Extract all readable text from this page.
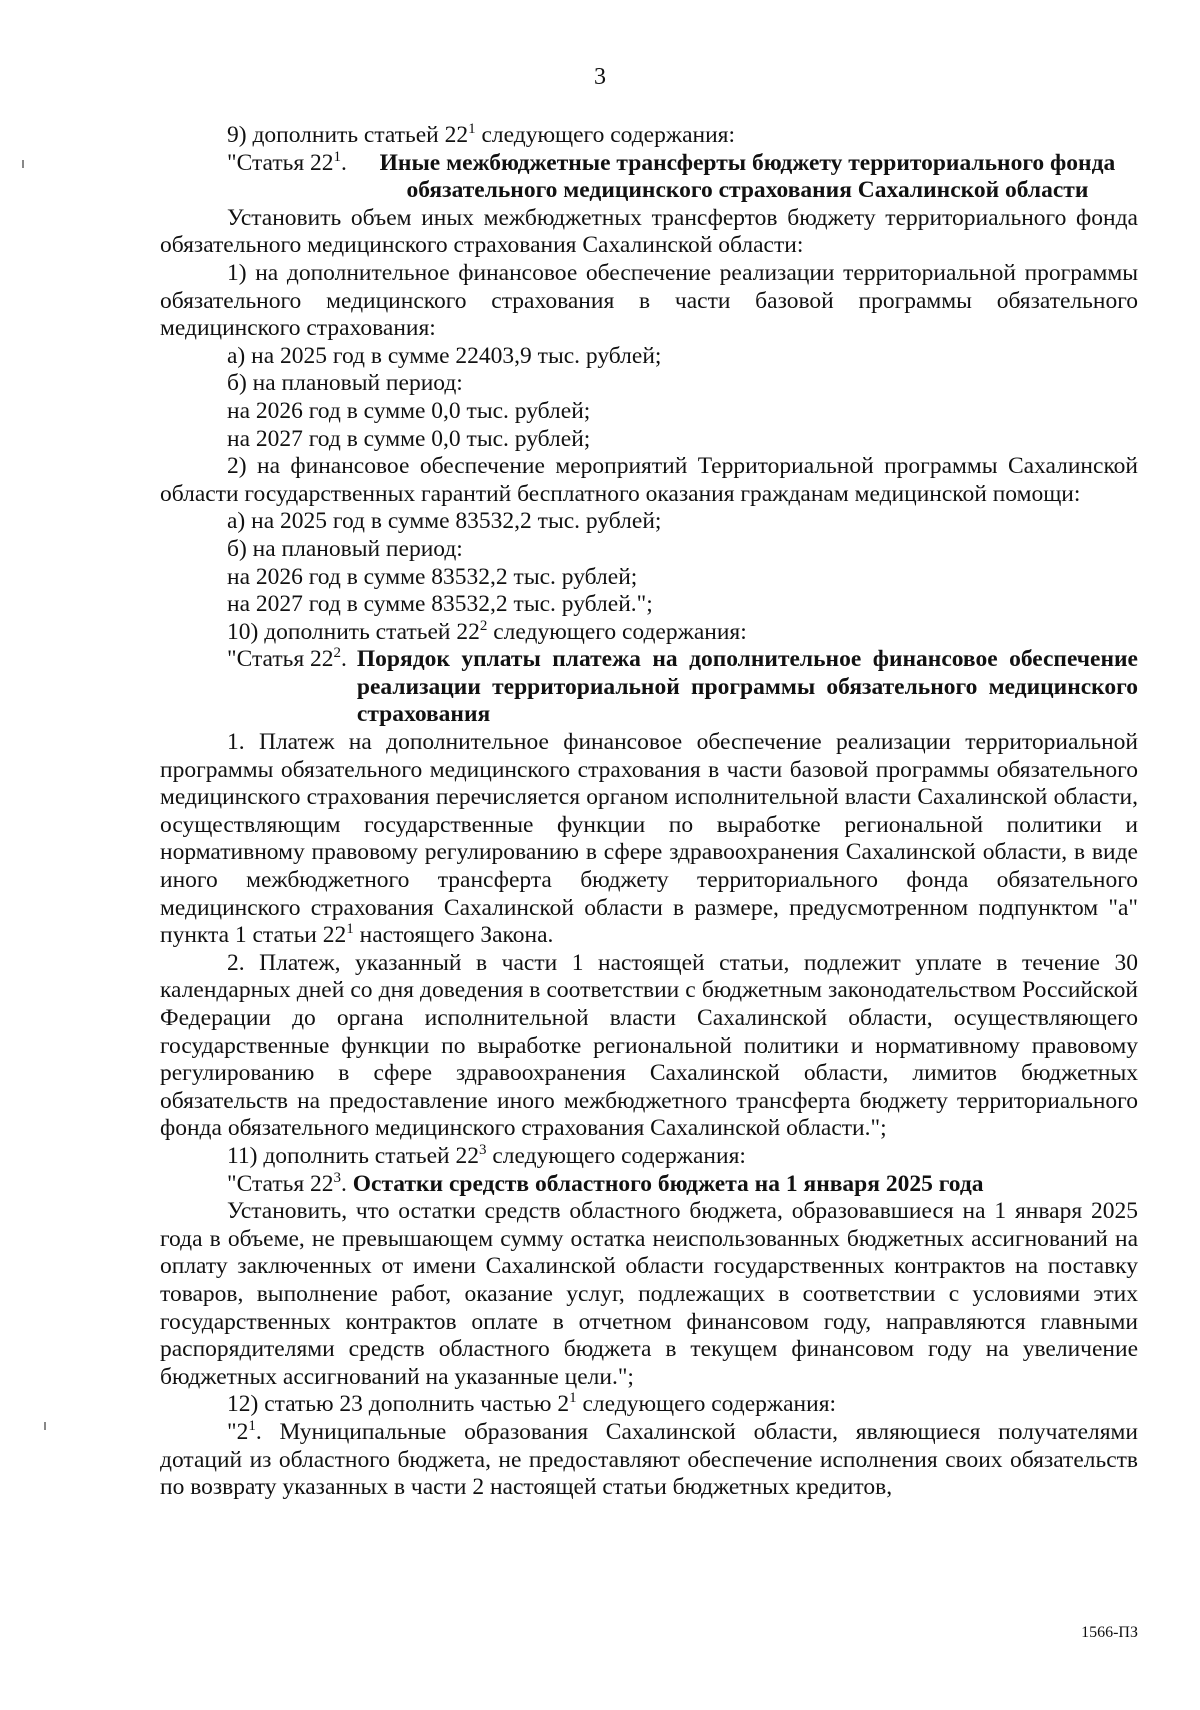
3
9) дополнить статьей $22^1$ следующего содержания:
"Статья $22^1$.	Иные межбюджетные трансферты бюджету территориального фонда обязательного медицинского страхования Сахалинской области
Установить объем иных межбюджетных трансфертов бюджету территориального фонда обязательного медицинского страхования Сахалинской области:
1) на дополнительное финансовое обеспечение реализации территориальной программы обязательного медицинского страхования в части базовой программы обязательного медицинского страхования:
а) на 2025 год в сумме 22403,9 тыс. рублей;
б) на плановый период:
на 2026 год в сумме 0,0 тыс. рублей;
на 2027 год в сумме 0,0 тыс. рублей;
2) на финансовое обеспечение мероприятий Территориальной программы Сахалинской области государственных гарантий бесплатного оказания гражданам медицинской помощи:
а) на 2025 год в сумме 83532,2 тыс. рублей;
б) на плановый период:
на 2026 год в сумме 83532,2 тыс. рублей;
на 2027 год в сумме 83532,2 тыс. рублей.";
10) дополнить статьей $22^2$ следующего содержания:
"Статья $22^2$. Порядок уплаты платежа на дополнительное финансовое обеспечение реализации территориальной программы обязательного медицинского страхования
1. Платеж на дополнительное финансовое обеспечение реализации территориальной программы обязательного медицинского страхования в части базовой программы обязательного медицинского страхования перечисляется органом исполнительной власти Сахалинской области, осуществляющим государственные функции по выработке региональной политики и нормативному правовому регулированию в сфере здравоохранения Сахалинской области, в виде иного межбюджетного трансферта бюджету территориального фонда обязательного медицинского страхования Сахалинской области в размере, предусмотренном подпунктом "а" пункта 1 статьи $22^1$ настоящего Закона.
2. Платеж, указанный в части 1 настоящей статьи, подлежит уплате в течение 30 календарных дней со дня доведения в соответствии с бюджетным законодательством Российской Федерации до органа исполнительной власти Сахалинской области, осуществляющего государственные функции по выработке региональной политики и нормативному правовому регулированию в сфере здравоохранения Сахалинской области, лимитов бюджетных обязательств на предоставление иного межбюджетного трансферта бюджету территориального фонда обязательного медицинского страхования Сахалинской области.";
11) дополнить статьей $22^3$ следующего содержания:
"Статья $22^3$. Остатки средств областного бюджета на 1 января 2025 года
Установить, что остатки средств областного бюджета, образовавшиеся на 1 января 2025 года в объеме, не превышающем сумму остатка неиспользованных бюджетных ассигнований на оплату заключенных от имени Сахалинской области государственных контрактов на поставку товаров, выполнение работ, оказание услуг, подлежащих в соответствии с условиями этих государственных контрактов оплате в отчетном финансовом году, направляются главными распорядителями средств областного бюджета в текущем финансовом году на увеличение бюджетных ассигнований на указанные цели.";
12) статью 23 дополнить частью $2^1$ следующего содержания:
"$2^1$. Муниципальные образования Сахалинской области, являющиеся получателями дотаций из областного бюджета, не предоставляют обеспечение исполнения своих обязательств по возврату указанных в части 2 настоящей статьи бюджетных кредитов,
1566-ПЗ
